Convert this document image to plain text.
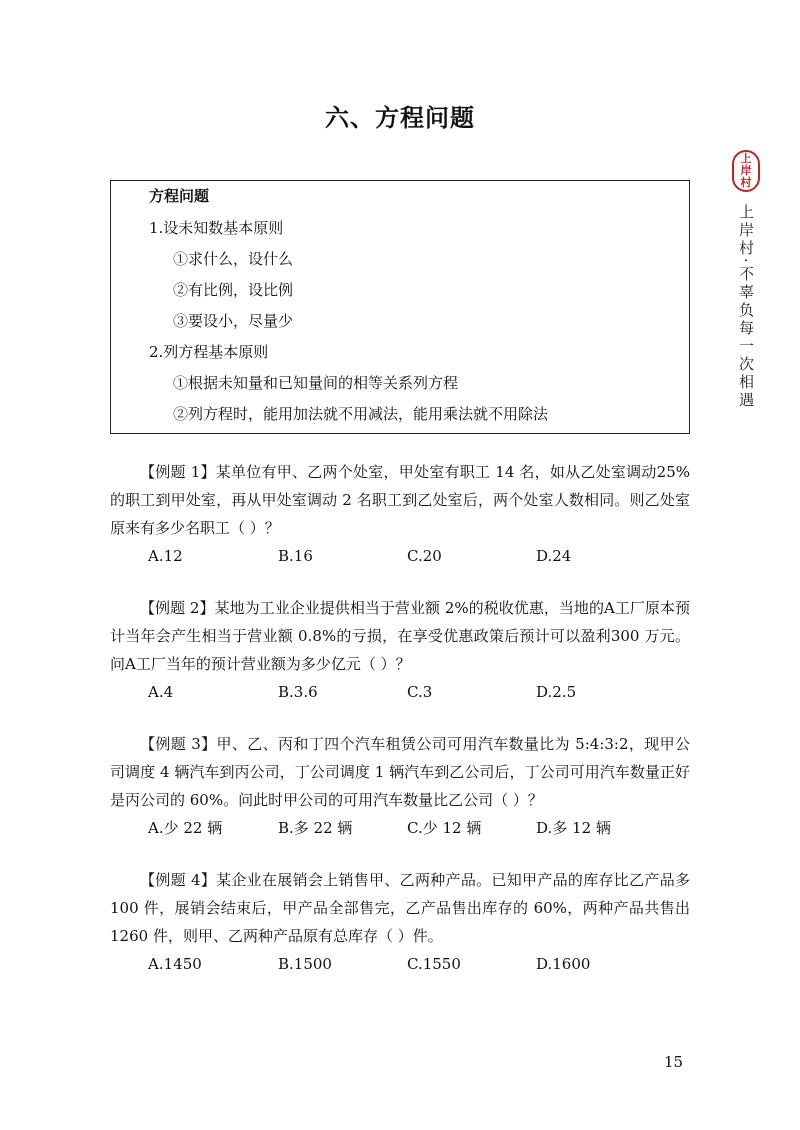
六、方程问题
上
岸
村
上岸村·不辜负每一次相遇
方程问题
1.设未知数基本原则
①求什么，设什么
②有比例，设比例
③要设小，尽量少
2.列方程基本原则
①根据未知量和已知量间的相等关系列方程
②列方程时，能用加法就不用减法，能用乘法就不用除法

【例题 1】某单位有甲、乙两个处室，甲处室有职工 14 名，如从乙处室调动25%的职工到甲处室，再从甲处室调动 2 名职工到乙处室后，两个处室人数相同。则乙处室原来有多少名职工（ ）？

A.12	B.16	C.20	D.24

【例题 2】某地为工业企业提供相当于营业额 2%的税收优惠，当地的A工厂原本预计当年会产生相当于营业额 0.8%的亏损，在享受优惠政策后预计可以盈利300 万元。问A工厂当年的预计营业额为多少亿元（ ）？

A.4	B.3.6	C.3	D.2.5

【例题 3】甲、乙、丙和丁四个汽车租赁公司可用汽车数量比为 5:4:3:2，现甲公司调度 4 辆汽车到丙公司，丁公司调度 1 辆汽车到乙公司后，丁公司可用汽车数量正好是丙公司的 60%。问此时甲公司的可用汽车数量比乙公司（ ）？

A.少 22 辆	B.多 22 辆	C.少 12 辆	D.多 12 辆

【例题 4】某企业在展销会上销售甲、乙两种产品。已知甲产品的库存比乙产品多 100 件，展销会结束后，甲产品全部售完，乙产品售出库存的 60%，两种产品共售出 1260 件，则甲、乙两种产品原有总库存（ ）件。

A.1450	B.1500	C.1550	D.1600
15
